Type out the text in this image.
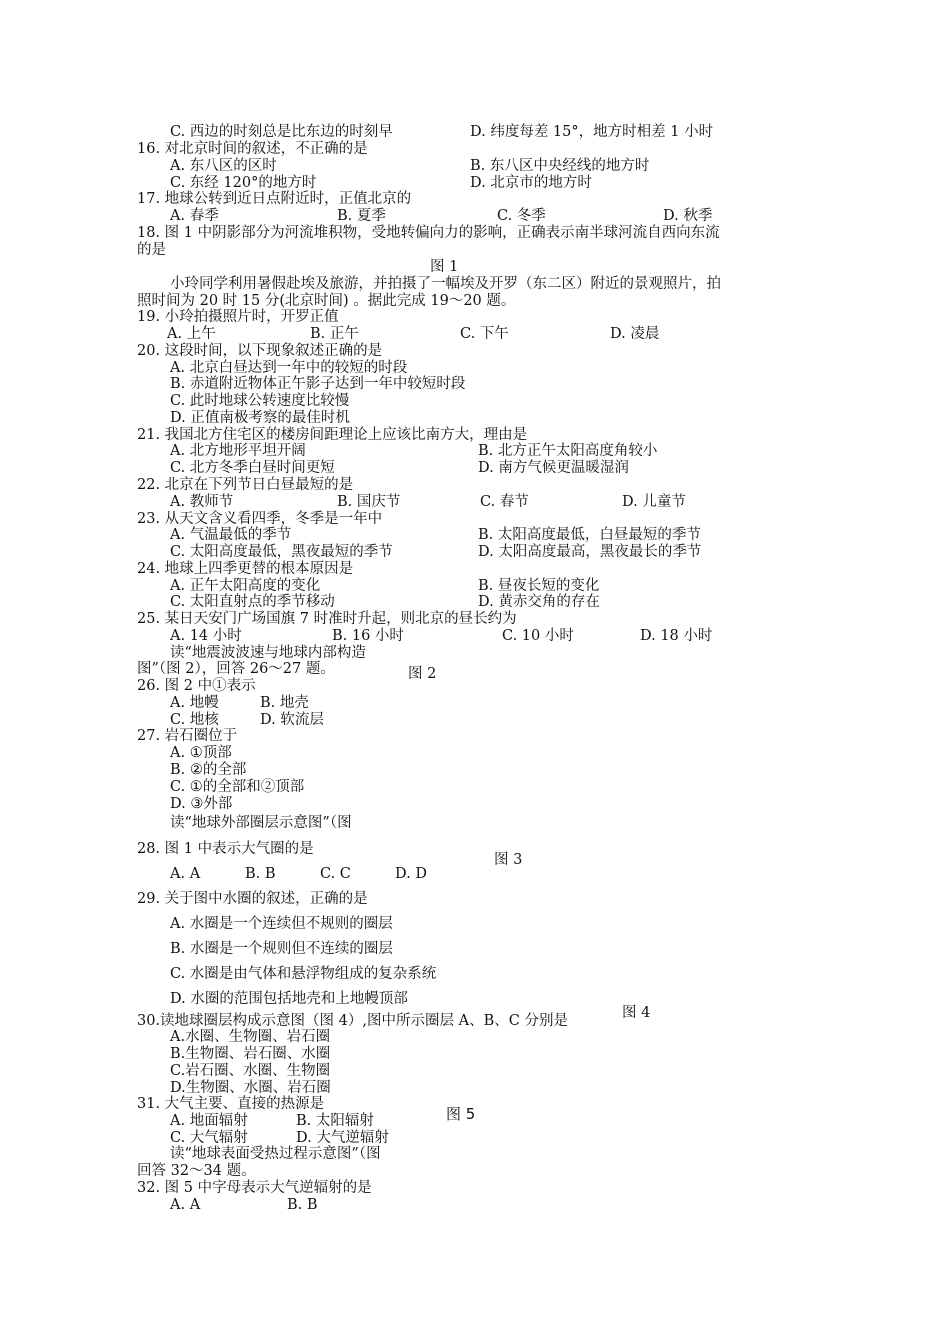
C. 西边的时刻总是比东边的时刻早	D. 纬度每差 15°，地方时相差 1 小时
16. 对北京时间的叙述，不正确的是
A. 东八区的区时	B. 东八区中央经线的地方时
C. 东经 120°的地方时	D. 北京市的地方时
17. 地球公转到近日点附近时，正值北京的
A. 春季	B. 夏季	C. 冬季	D. 秋季
18. 图 1 中阴影部分为河流堆积物，受地转偏向力的影响，正确表示南半球河流自西向东流
的是
图 1
小玲同学利用暑假赴埃及旅游，并拍摄了一幅埃及开罗（东二区）附近的景观照片，拍
照时间为 20 时 15 分(北京时间) 。据此完成 19～20 题。
19. 小玲拍摄照片时，开罗正值
A. 上午	B. 正午	C. 下午	D. 凌晨
20. 这段时间，以下现象叙述正确的是
A. 北京白昼达到一年中的较短的时段
B. 赤道附近物体正午影子达到一年中较短时段
C. 此时地球公转速度比较慢
D. 正值南极考察的最佳时机
21. 我国北方住宅区的楼房间距理论上应该比南方大，理由是
A. 北方地形平坦开阔	B. 北方正午太阳高度角较小
C. 北方冬季白昼时间更短	D. 南方气候更温暖湿润
22. 北京在下列节日白昼最短的是
A. 教师节	B. 国庆节	C. 春节	D. 儿童节
23. 从天文含义看四季，冬季是一年中
A. 气温最低的季节	B. 太阳高度最低，白昼最短的季节
C. 太阳高度最低，黑夜最短的季节	D. 太阳高度最高，黑夜最长的季节
24. 地球上四季更替的根本原因是
A. 正午太阳高度的变化	B. 昼夜长短的变化
C. 太阳直射点的季节移动	D. 黄赤交角的存在
25. 某日天安门广场国旗 7 时准时升起，则北京的昼长约为
A. 14 小时	B. 16 小时	C. 10 小时	D. 18 小时
读“地震波波速与地球内部构造
图”（图 2），回答 26～27 题。	图 2
26. 图 2 中①表示
A. 地幔	B. 地壳
C. 地核	D. 软流层
27. 岩石圈位于
A. ①顶部
B. ②的全部
C. ①的全部和②顶部
D. ③外部
读“地球外部圈层示意图”（图
28. 图 1 中表示大气圈的是
图 3
A. A	B. B	C. C	D. D
29. 关于图中水圈的叙述，正确的是
A. 水圈是一个连续但不规则的圈层
B. 水圈是一个规则但不连续的圈层
C. 水圈是由气体和悬浮物组成的复杂系统
D. 水圈的范围包括地壳和上地幔顶部
图 4
30.读地球圈层构成示意图（图 4）,图中所示圈层 A、B、C 分别是
A.水圈、生物圈、岩石圈
B.生物圈、岩石圈、水圈
C.岩石圈、水圈、生物圈
D.生物圈、水圈、岩石圈
31. 大气主要、直接的热源是
图 5
A. 地面辐射	B. 太阳辐射
C. 大气辐射	D. 大气逆辐射
读“地球表面受热过程示意图”（图
回答 32～34 题。
32. 图 5 中字母表示大气逆辐射的是
A. A	B. B
